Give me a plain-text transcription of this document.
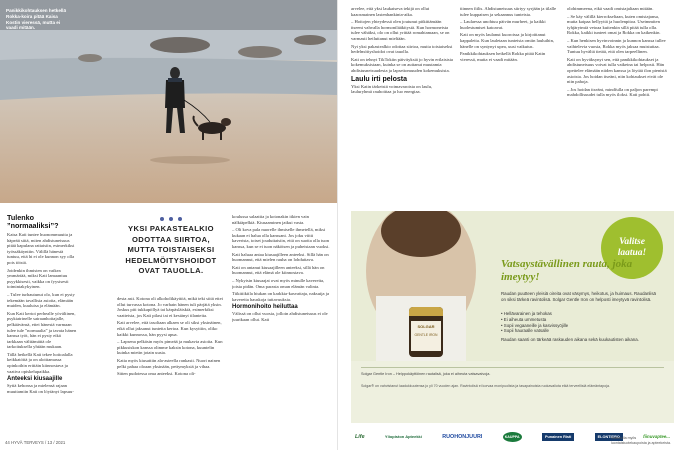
Panikkikohtauksen hetkellä Rokka-koira pitää Kaisa Kostin vieressä, mutta ei vaadi mitään.
Tulenko ”normaaliksi”?

Kaisa Kati tuntee huonommuutta ja häpeää siitä, miten ahdistuneisuus pitää kapulana rattaisiin, esimerkiksi työssäkäyntiin. Välillä hänestä tuntuu, että hi ei ole kunnon syy olla pois töistä.

Joidenkin ihmisten on vaikea ymmärtää, miksi Kati lamaantuu psyykkisesti, vaikka on fyysisesti toimintakykyinen.

– Tulee turhautunut olo, kun ei pysty tekemään tavallisia asioita, elämään muiden, kuuluisa ja elämään.

Kun Kati kertoi perhealle yöväliinen, psykiatrinelle sairaanhoitajalle, pelkäävänsä, ettei hänestä varmaan tulee tule ”normaalia” ja tavata hänen kanssa työt, hän ei pysty eikä tarkkaan välttämättä ole tarkoituksella yhtään mukaan.

Tällä hetkellä Kati tekee hoitoalalla keikkatöitä ja on aloittamassa opinkoihin erittäin kiinnostava ja vaativa opiskelupaikka.

Anteeksi kiusaajille

Sytiä kehonsa ja mielensä rajaan muuttamiin Kati on löytänyt lapsuu-

YKSI PAKASTEALKIO ODOTTAA SIIRTOA, MUTTA TOISTAISEKSI HEDELMÖITYSHOIDOT OVAT TAUOLLA.

desta asti. Kotona oli alkoholikäyttöä, mikä teki siitä ettei ollut turvassa kotona. Jo varhain hänen tuli pärjätä yksin. Joskus piti tukkapöllyä tai kärpäsläiskiä, esimerkiksi vaatteista, jos Kati pilasi tai ei kestänyt tilanteita.

Kati arvelee, että tasoltaan alkaen se oli siksi yksinäinen, eikä ollut jaksanut tunteita kertoa. Kun kysyttiin, oliko kaikki kunnossa, hän pyysi apua.

– Lapsena pelkäsin myös pimeää ja mukavia asioita. Kun pikkusiskon kanssa olimme kaksin kotona, kuuntelin kuinka mietin jotain uusia.

Katia myös kiusattiin ala-asteella rankasti. Nuori nainen pelki pahaa oloaan yksinään, pettymyksiä ja vihaa.

Sitten pudotessa oma anteeksi. Kotona oli-

koulussa salaattia ja kotonakin itkien vain nälkiäpelkiä. Kiusaaminen jatkui vasta.

– Oli kova pala nuorelle ihmiselle ihmetellä, miksi kukaan ei halua olla kanssani. Jos joku viitti kaverista, toiset jouduttaisiin, että on suotta olla tuon kanssa, kun se ei tuon näköisen ja puheistaan vuoksi.

Kati haluaa antaa kiusaajilleen anteeksi. Sillä hän on huomannut, että mielen rauha on lohduttava.

Kati on antanut kiusaajilleen anteeksi, sillä hän on huomannut, että elämä ole kiinnostava.

– Nykyisin kiusaajat ovat myös minulle kavereita, joista pidän. Oma parasta oman elämän valinta.

Tiikitiikiila hiukan on karkkia-kasvattaja, naksuija ja kavereita hauskoja tuttavuuksia.

Hormonihoito heiluttaa

Välissä on ollut vuosia, jolloin ahdistuneisuus ei ole juurikaan ollut. Kati

44 HYVÄ TERVEYS / 13 / 2021

arvelee, että yksi laukaiseva tekijä on ollut kaaosmainen lastenhankinta-aika.

– Hoitojen yhteydessä olen joutunut pitkittämään itseeni vahvalla hormonilääkitystä. Kun hormoneista tulee vähäksi, olo on ollut yrittää romahtamaan, se on varmasti heiluttanut mieltään.

Nyt yksi pakastealkio odottaa siirtoa, mutta toistaiseksi hedelmöityshoidot ovat tauolla.

Kati on tehnyt TikTokiin päivityksiä jo hyvin erilaisista kokemuksistaan, kuinka se on auttanut muutamia ahdistusneisuudesta ja lapsettomuuden kokemuksista.

Laulu irti pelosta

Yksi Katin tärkeistä voimavaroista on laulu, lauluryhmä rauhoittaa ja luo energiaa.

tiinnen fiilis. Ahdistuneisuus siirtyy syrjään ja tilalle tulee kuppaisen ja sekaannus tunteista.

– Laulaessa unohtuu päivän murheet, ja kaikki huolestumiset katoavat.

Kati on myös laulanut kuoroissa ja kirjoittanut kappaleita. Kun lauletaan tunteista omiin lauluihin, hänelle on syntynyt upea, uusi vaikutus.

Panikkikohtauksen hetkellä Rokka pitää Katin vieressä, mutta ei vaadi mitään.

olohimmeena, eikä vaadi omistajaltaan mitään.

– Se käy välillä kierrokseltaan, kuten omistajansa, mutta kaipaa hellyyttä ja huolenpitoa. Useimmiten tyhjärytmiä vetoaa kuitenkin sillä pitää tulla olla. Rokka, kaikki tunteet omat ja Rokka on kaikenkin.

– Kun henkisen hyvinvoinnin ja kunnon kanssa tullee vaihtelevia vuosia, Rokka myös jaksaa muistuttaa. Tuntuu hyvältä tietää, että olen tarpeellinen.

Kati on hyväksynyt sen, että panikkikohtaukset ja ahdistuneisuus voivat tulla vaikeina tai helposti. Hän opettelee elämään niiden kanssa ja löytää ilon pienistä asioista. Jos hoidan itseäni, niin kohtaukset eivät ole niin pahoja.

– Jos hoidan itseäni, mindfulla on paljon parempi mahdollisuudet tulla myös iloksi. Kati pohtii.

Valitse laatua!
Vatsaystävällinen rauta, joka imeytyy!
Raudan puutteen yleisiä oireita ovat väsymys, heikotus, ja huimaus. Raudanlisä on siksi tärkeä ravintolisä. Solgar Gentle Iron on helposti imeytyvä ravintolisä.
• Hellävarainen ja tehokas
• Ei aiheuta ummetusta
• Sopii vegaaneille ja kasvissyöjille
• Sopii hauraalle vatsalle
Raudan saanti on tärkeää raskauden aikana sekä kuukautisten aikana.
SOLGAR
GENTLE IRON
Solgar Gentle Iron – Helppokäyttöinen rautalisä, joka ei aiheuta vatsavaivoja.
Solgar® on vahvistanut laadukkuutensa jo yli 70 vuoden ajan. Ravintolisä ei korvaa monipuolista ja tasapainoista ruokavaliota eikä terveellisiä elämäntapoja.
Life	Yliopiston Apteekki	RUOHONJUURI	KAUPPA	Punainen Risti	ELONTIERO	fiinuvaptee...
Saatavilla myös luontaistuotekaupoista ja apteekeista.
